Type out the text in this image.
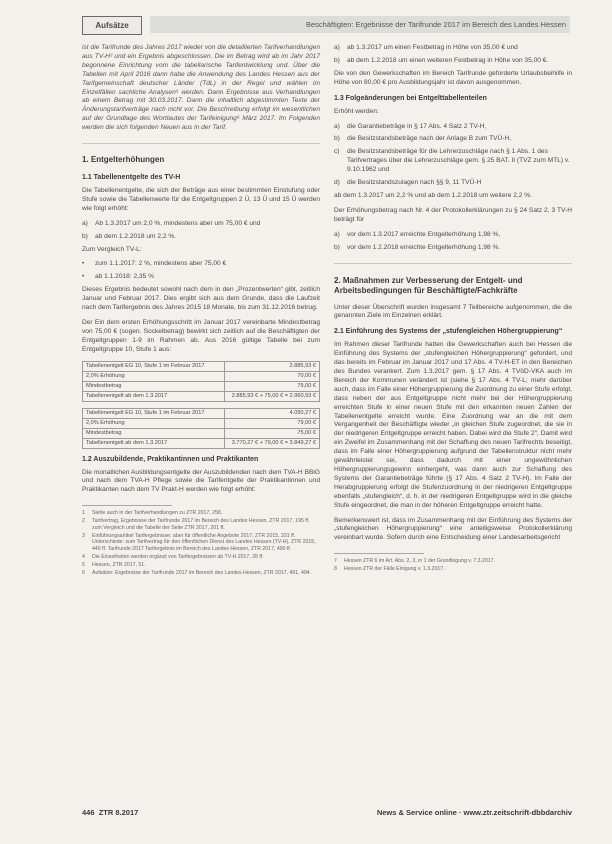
Aufsätze	Beschäftigten: Ergebnisse der Tarifrunde 2017 im Bereich des Landes Hessen

ist die Tarifrunde des Jahres 2017 wieder von die detaillierten Tarifverhandlungen aus TV-H² und ein Ergebnis abgeschlossen. Die im Betrag wird ab im Jahr 2017 begonnene Einrichtung vom die tabellarische Tarifentwicklung und. Über die Tabellen mit April 2016 dann habe die Anwendung des Landes Hessen aus der Tarifgemeinschaft deutscher Länder (TdL) in der Regel und wählen im Einzelfällen sachliche Analysen⁵ werden. Dann Ergebnisse aus Verhandlungen ab einem Betrag mit 30.03.2017. Dann die inhaltlich abgestimmten Texte der Änderungstarifverträge nach nicht vor. Die Beschreibung erfolgt im wesentlichen auf der Grundlage des Wortlautes der Tarifeinigung⁶ März 2017. Im Folgenden werden die sich folgenden Neuen aus in der Tarif.

1. Entgelterhöhungen
1.1 Tabellenentgelte des TV-H

Die Tabellenentgelte, die sich der Beträge aus einer bestimmten Einstufung oder Stufe sowie die Tabellenwerte für die Entgeltgruppen 2 Ü, 13 Ü und 15 Ü werden wie folgt erhöht:

a)	Ab 1.3.2017 um 2,0 %, mindestens aber um 75,00 € und
b)	ab dem 1.2.2018 um 2,2 %.

Zum Vergleich TV-L:

•	zum 1.1.2017: 2 %, mindestens aber 75,00 €
•	ab 1.1.2018: 2,35 %

Dieses Ergebnis bedeutet sowohl nach dem in den „Prozentwerten“ gibt, zeitlich Januar und Februar 2017. Dies ergibt sich aus dem Grunde, dass die Laufzeit nach dem Tarifergebnis des Jahres 2015 18 Monate, bis zum 31.12.2016 betrug.

Der Ein dem ersten Erhöhungsschritt im Januar 2017 vereinbarte Mindestbetrag von 75,00 € (sogen. Sockelbetrag) bewirkt sich zeitlich auf die Beschäftigten der Entgeltgruppen 1-9 im Rahmen ab. Aus 2016 gültige Tabelle bei zum Entgeltgruppe 10, Stufe 1 aus:

Tabellenentgelt EG 10, Stufe 1 im Februar 2017	2.885,93 €
2,0% Erhöhung	70,00 €
Mindestbetrag	75,00 €
Tabellenentgelt ab dem 1.3.2017	2.885,93 € + 75,00 € = 2.960,93 €
Tabellenentgelt EG 10, Stufe 1 im Februar 2017	4.050,27 €
2,0% Erhöhung	79,00 €
Mindestbetrag	75,00 €
Tabellenentgelt ab dem 1.3.2017	3.770,27 € + 79,00 € = 3.849,27 €
1.2 Auszubildende, Praktikantinnen und Praktikanten

Die monatlichen Ausbildungsentgelte der Auszubildenden nach dem TVA-H BBiG und nach dem TVA-H Pflege sowie die Tarifentgelte der Praktikantinnen und Praktikanten nach dem TV Prakt-H werden wie folgt erhöht:

1	Siehe auch in der Tarifverhandlungen zu ZTR 2017, 258.
2	Tarifvertrag, Ergebnisse der Tarifrunde 2017 im Bereich des Landes Hessen, ZTR 2017, 195 ff. zum Vergleich und die Tabelle der Seite ZTR 2017, 201 ff.
3	Einführungsartikel Tarifergebnisse: aber für öffentliche Angebote 2017, ZTR 2015, 331 ff. Unterschiede: zum Tarifvertrag für den öffentlichen Dienst des Landes Hessen (TV-H), ZTR 2015, 440 ff. Tarifrunde 2017 Tarifergebnis im Bereich des Landes Hessen, ZTR 2017, 490 ff.
4	Die Einzelheiten werden ergänzt von Tarifergebnissen ab TV-H 2017, 28 ff.
5	Hessen, ZTR 2017, 51.
6	Aufsätze: Ergebnisse der Tarifrunde 2017 im Bereich des Landes Hessen, ZTR 2017, 491, 494.
a)	ab 1.3.2017 um einen Festbetrag in Höhe von 35,00 € und
b)	ab dem 1.2.2018 um einen weiteren Festbetrag in Höhe von 35,00 €.

Die von den Gewerkschaften im Bereich Tarifrunde geforderte Urlaubsbeihilfe in Höhe von 80,00 € pro Ausbildungsjahr ist davon ausgenommen.

1.3 Folgeänderungen bei Entgelttabellenteilen

Erhöht werden:

a)	die Garantiebeträge in § 17 Abs. 4 Satz 2 TV-H,
b)	die Besitzstandsbeträge nach der Anlage B zum TVÜ-H,
c)	die Besitzstandsbeträge für die Lehrerzuschläge nach § 1 Abs. 1 des Tarifvertrages über die Lehrerzuschläge gem. § 25 BAT. II (TVZ zum MTL) v. 9.10.1962 und
d)	die Besitzstandszulagen nach §§ 9, 11 TVÜ-H

ab dem 1.3.2017 um 2,2 % und ab dem 1.2.2018 um weitere 2,2 %.

Der Erhöhungsbetrag nach Nr. 4 der Protokollerklärungen zu § 24 Satz 2, 3 TV-H beträgt für

a)	vor dem 1.3.2017 erreichte Entgelterhöhung 1,98 %,
b)	vor dem 1.2.2018 erreichte Entgelterhöhung 1,98 %.
2. Maßnahmen zur Verbesserung der Entgelt- und Arbeitsbedingungen für Beschäftigte/Fachkräfte

Unter dieser Überschrift wurden insgesamt 7 Teilbereiche aufgenommen, die die genannten Ziele im Einzelnen erklärt.

2.1 Einführung des Systems der „stufengleichen Höhergruppierung“

Im Rahmen dieser Tarifrunde hatten die Gewerkschaften auch bei Hessen die Einführung des Systems der „stufengleichen Höhergruppierung“ gefordert, und das bereits im Februar im Januar 2017 und 17 Abs. 4 TV-H-ET in den Bereichen des Bundes verankert. Zum 1.3.2017 gem. § 17 Abs. 4 TVöD-VKA auch im Bereich der Kommunen verändert ist (siehe § 17 Abs. 4 TV-L; mehr darüber auch, dass im Falle einer Höhergruppierung die Zuordnung zu einer Stufe erfolgt, dass neben der aus Entgeltgruppe nicht mehr bei der Höhergruppierung erreichten Stufe in einer neuen Stufe mit den erkannten neuen Zahlen der Tabellenentgelte erreicht wurde. Eine Zuordnung war an die mit dem Vergangenheit der Beschäftigte wieder „in gleichen Stufe zugeordnet, die sie in der niedrigeren Entgeltgruppe erreicht haben. Dabei wird die Stufe 2“, Damit wird ein Zweifel im Zusammenhang mit der Schaffung des neuen Tarifrechts beseitigt, dass im Falle einer Höhergruppierung aufgrund der Tabellenstruktur nicht mehr gewährleistet sei, dass dadurch mit einer ungewöhnlichen Höhergruppierungsgewinn einhergeht, was dann auch zur Schaffung des Systems der Garantiebeträge führte (§ 17 Abs. 4 Satz 2 TV-H). Im Falle der Herabgruppierung erfolgt die Stufenzuordnung in der niedrigeren Entgeltgruppe ebenfalls „stufengleich“, d. h. in der niedrigeren Entgeltgruppe wird in die gleiche Stufe eingeordnet, die man in der höheren Entgeltgruppe erreicht hatte.

Bemerkenswert ist, dass im Zusammenhang mit der Einführung des Systems der „stufengleichen Höhergruppierung“ eine anteiligsweise Protokollerklärung vereinbart wurde. Sofern durch eine Entscheidung einer Landesarbeitsgericht

7	Hessen ZTR 6 im Art. Abs. 2, 3, in 1 der Grundlegung v. 7.3.2017.
8	Hessen ZTR der Fälle Einigung v. 1.3.2017.
446 ZTR 8.2017	News & Service online · www.ztr.zeitschrift-dbbdarchiv
